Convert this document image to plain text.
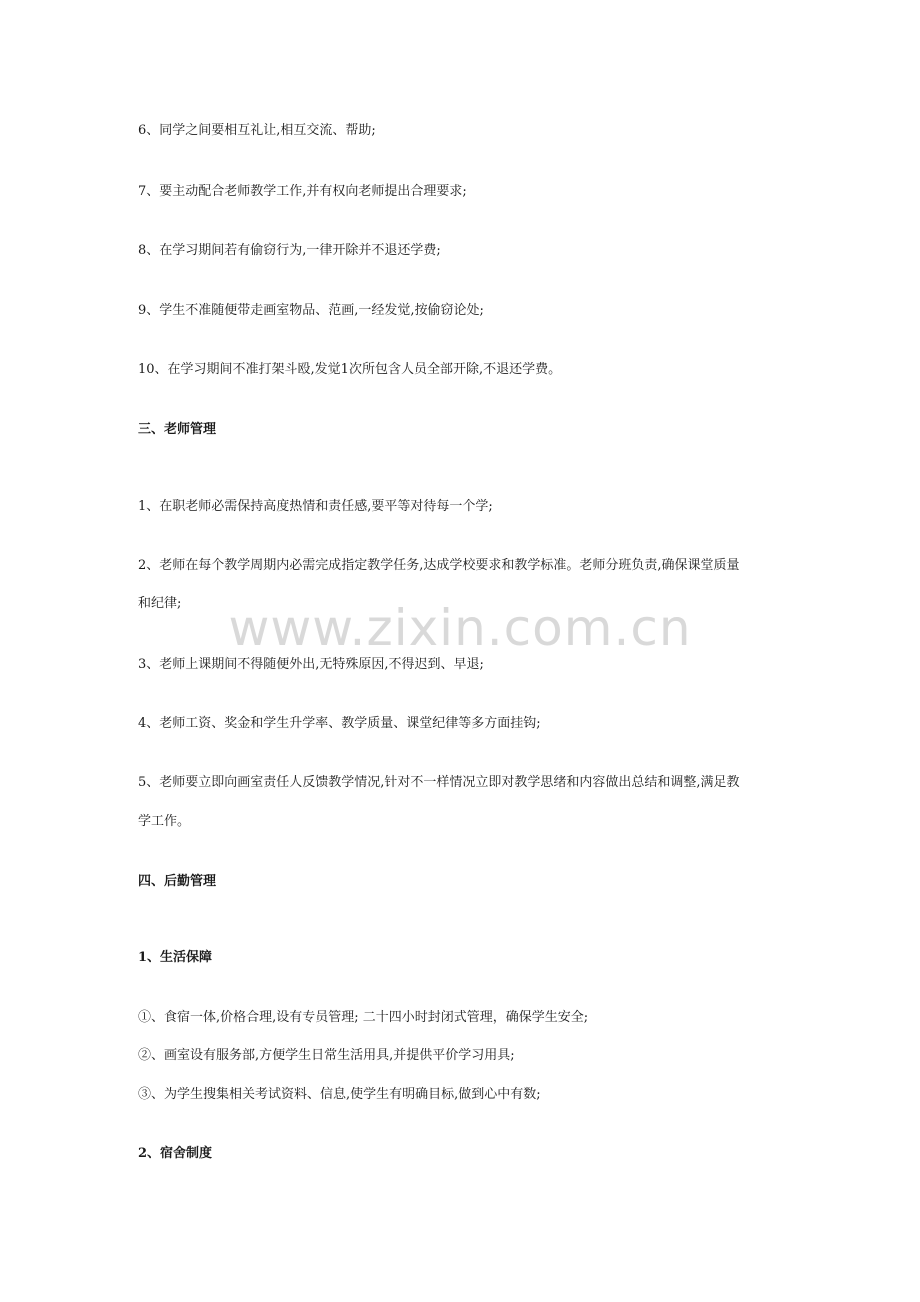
www.zixin.com.cn
6、同学之间要相互礼让,相互交流、帮助;
7、要主动配合老师教学工作,并有权向老师提出合理要求;
8、在学习期间若有偷窃行为,一律开除并不退还学费;
9、学生不准随便带走画室物品、范画,一经发觉,按偷窃论处;
10、在学习期间不准打架斗殴,发觉1次所包含人员全部开除,不退还学费。
三、老师管理
1、在职老师必需保持高度热情和责任感,要平等对待每一个学;
2、老师在每个教学周期内必需完成指定教学任务,达成学校要求和教学标准。老师分班负责,确保课堂质量
和纪律;
3、老师上课期间不得随便外出,无特殊原因,不得迟到、早退;
4、老师工资、奖金和学生升学率、教学质量、课堂纪律等多方面挂钩;
5、老师要立即向画室责任人反馈教学情况,针对不一样情况立即对教学思绪和内容做出总结和调整,满足教
学工作。
四、后勤管理
1、生活保障
①、食宿一体,价格合理,设有专员管理; 二十四小时封闭式管理，确保学生安全;
②、画室设有服务部,方便学生日常生活用具,并提供平价学习用具;
③、为学生搜集相关考试资料、信息,使学生有明确目标,做到心中有数;
2、宿舍制度
